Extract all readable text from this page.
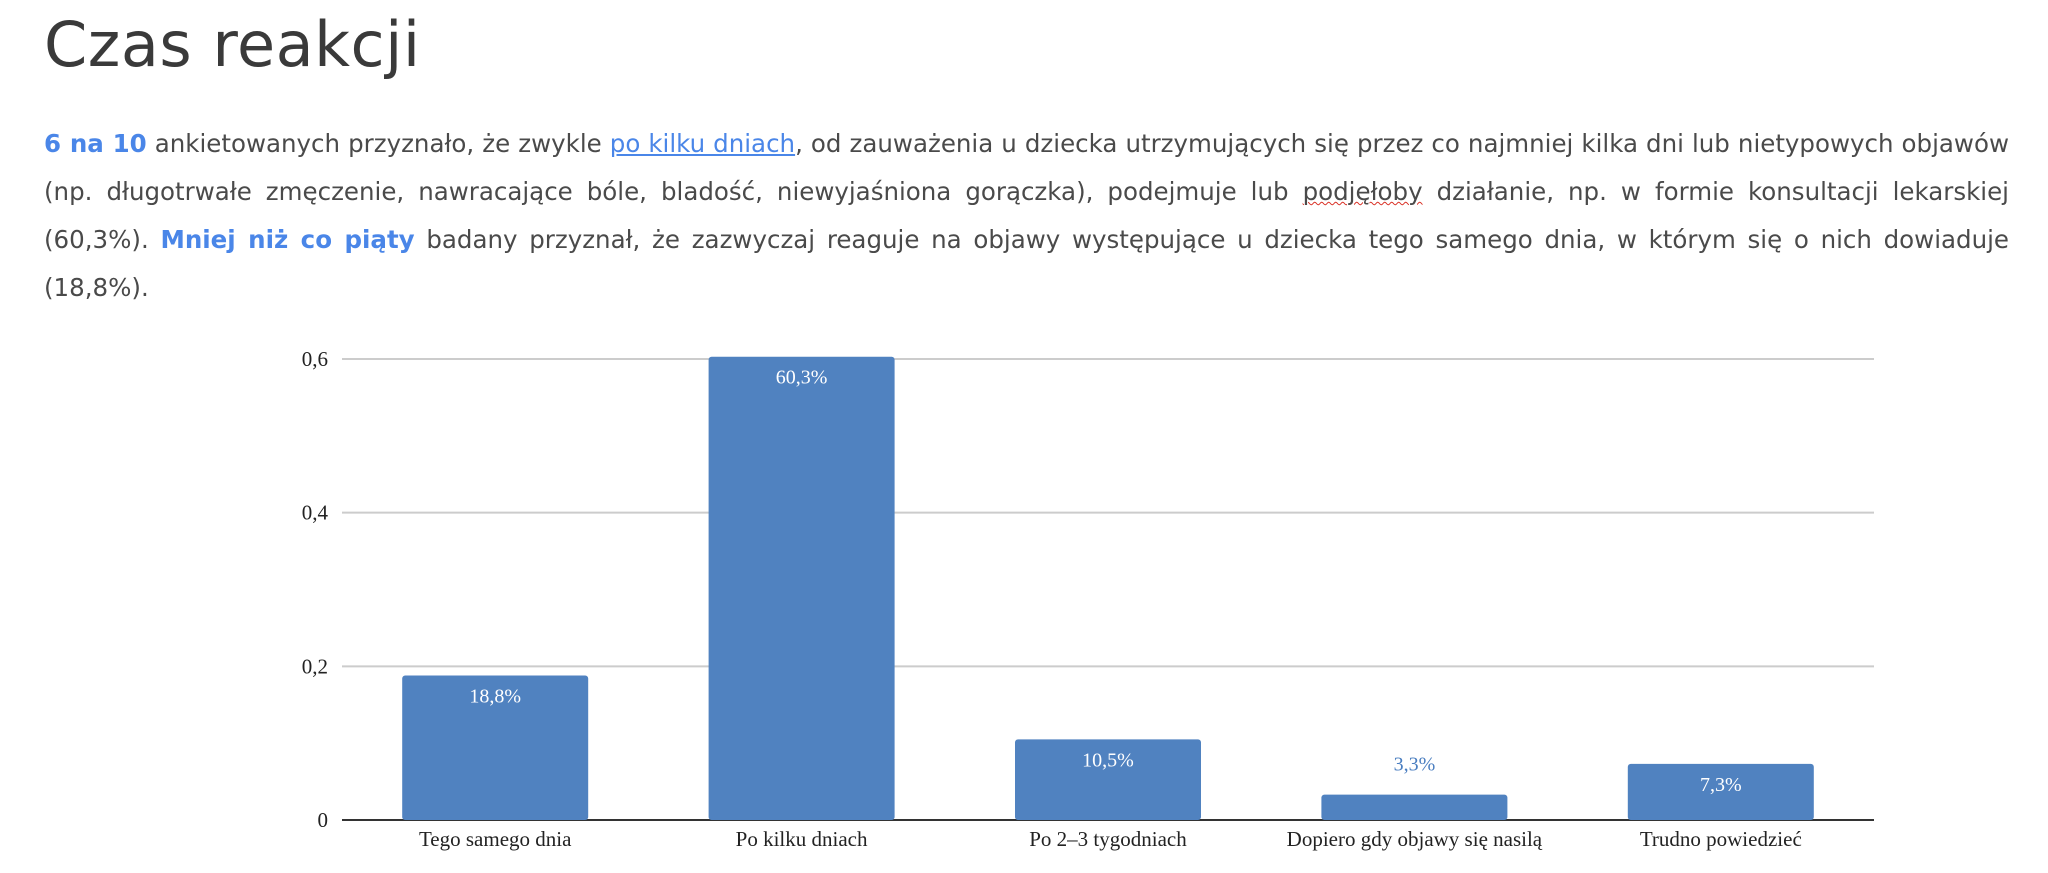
Czas reakcji

6 na 10 ankietowanych przyznało, że zwykle po kilku dniach, od zauważenia u dziecka utrzymujących się przez co najmniej kilka dni lub nietypowych objawów (np. długotrwałe zmęczenie, nawracające bóle, bladość, niewyjaśniona gorączka), podejmuje lub podjęłoby działanie, np. w formie konsultacji lekarskiej (60,3%). Mniej niż co piąty badany przyznał, że zazwyczaj reaguje na objawy występujące u dziecka tego samego dnia, w którym się o nich dowiaduje (18,8%).

0
0,2
0,4
0,6
18,8%
Tego samego dnia
60,3%
Po kilku dniach
10,5%
Po 2–3 tygodniach
3,3%
Dopiero gdy objawy się nasilą
7,3%
Trudno powiedzieć
